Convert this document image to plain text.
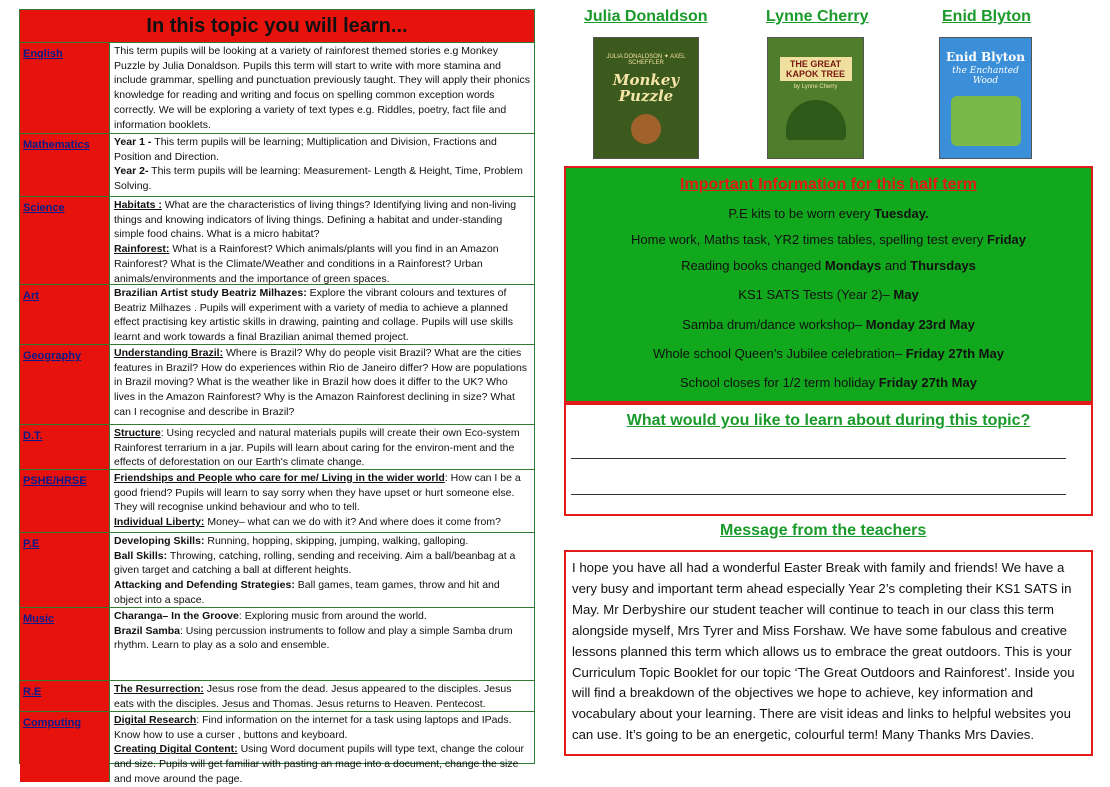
In this topic you will learn...
English	This term pupils will be looking at a variety of rainforest themed stories e.g Monkey Puzzle by Julia Donaldson. Pupils this term will start to write with more stamina and include grammar, spelling and punctuation previously taught. They will apply their phonics knowledge for reading and writing and focus on spelling common exception words correctly. We will be exploring a variety of text types e.g. Riddles, poetry, fact file and information booklets.
Mathematics	Year 1 - This term pupils will be learning; Multiplication and Division, Fractions and Position and Direction.
Year 2- This term pupils will be learning: Measurement- Length & Height, Time, Problem Solving.
Science	Habitats : What are the characteristics of living things? Identifying living and non-living things and knowing indicators of living things. Defining a habitat and under-standing simple food chains. What is a micro habitat?
Rainforest: What is a Rainforest? Which animals/plants will you find in an Amazon Rainforest? What is the Climate/Weather and conditions in a Rainforest? Urban animals/environments and the importance of green spaces.
Art	Brazilian Artist study Beatriz Milhazes: Explore the vibrant colours and textures of Beatriz Milhazes . Pupils will experiment with a variety of media to achieve a planned effect practising key artistic skills in drawing, painting and collage. Pupils will use skills learnt and work towards a final Brazilian animal themed project.
Geography	Understanding Brazil: Where is Brazil? Why do people visit Brazil? What are the cities features in Brazil? How do experiences within Rio de Janeiro differ? How are populations in Brazil moving? What is the weather like in Brazil how does it differ to the UK? Who lives in the Amazon Rainforest? Why is the Amazon Rainforest declining in size? What can I recognise and describe in Brazil?
D.T.	Structure: Using recycled and natural materials pupils will create their own Eco-system Rainforest terrarium in a jar. Pupils will learn about caring for the environ-ment and the effects of deforestation on our Earth's climate change.
PSHE/HRSE	Friendships and People who care for me/ Living in the wider world: How can I be a good friend? Pupils will learn to say sorry when they have upset or hurt someone else. They will recognise unkind behaviour and who to tell.
Individual Liberty: Money– what can we do with it? And where does it come from?
P.E	Developing Skills: Running, hopping, skipping, jumping, walking, galloping.
Ball Skills: Throwing, catching, rolling, sending and receiving. Aim a ball/beanbag at a given target and catching a ball at different heights.
Attacking and Defending Strategies: Ball games, team games, throw and hit and object into a space.
Music	Charanga– In the Groove: Exploring music from around the world.
Brazil Samba: Using percussion instruments to follow and play a simple Samba drum rhythm. Learn to play as a solo and ensemble.
R.E	The Resurrection: Jesus rose from the dead. Jesus appeared to the disciples. Jesus eats with the disciples. Jesus and Thomas. Jesus returns to Heaven. Pentecost.
Computing	Digital Research: Find information on the internet for a task using laptops and IPads. Know how to use a curser , buttons and keyboard.
Creating Digital Content: Using Word document pupils will type text, change the colour and size. Pupils will get familiar with pasting an mage into a document, change the size and move around the page.
Julia Donaldson	Lynne Cherry	Enid Blyton
JULIA DONALDSON ✦ AXEL SCHEFFLER
Monkey Puzzle
THE GREAT KAPOK TREE
by Lynne Cherry
Enid Blyton
the Enchanted Wood
Important Information for this half term
P.E kits to be worn every Tuesday.
Home work, Maths task, YR2 times tables, spelling test every Friday
Reading books changed Mondays and Thursdays
KS1 SATS Tests (Year 2)– May
Samba drum/dance workshop– Monday 23rd May
Whole school Queen’s Jubilee celebration– Friday 27th May
School closes for 1/2 term holiday Friday 27th May
What would you like to learn about during this topic?
Message from the teachers
I hope you have all had a wonderful Easter Break with family and friends! We have a very busy and important term ahead especially Year 2’s completing their KS1 SATS in May. Mr Derbyshire our student teacher will continue to teach in our class this term alongside myself, Mrs Tyrer and Miss Forshaw. We have some fabulous and creative lessons planned this term which allows us to embrace the great outdoors. This is your Curriculum Topic Booklet for our topic ‘The Great Outdoors and Rainforest’. Inside you will find a breakdown of the objectives we hope to achieve, key information and vocabulary about your learning. There are visit ideas and links to helpful websites you can use. It’s going to be an energetic, colourful term! Many Thanks Mrs Davies.
